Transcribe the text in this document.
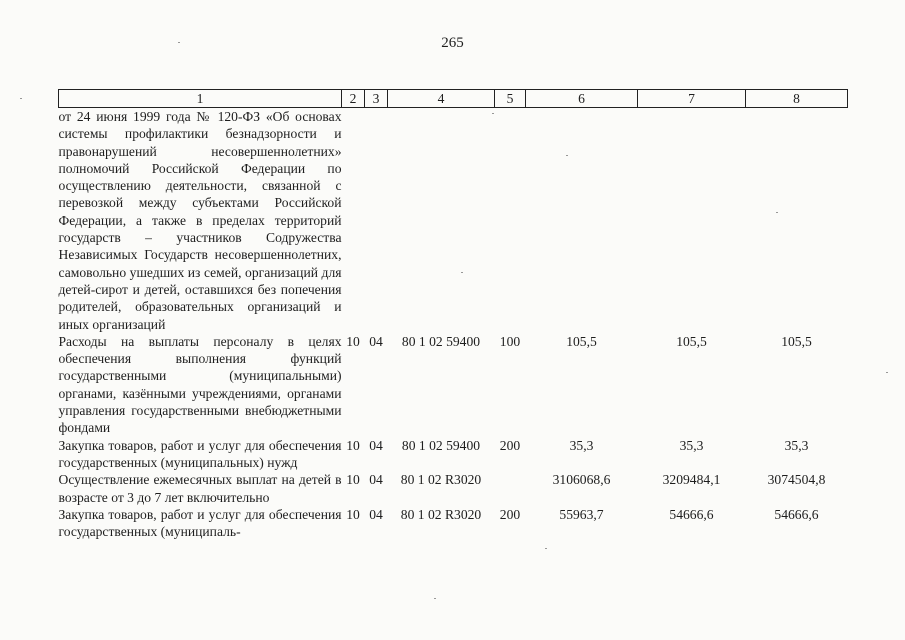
265
1	2	3	4	5	6	7	8
от 24 июня 1999 года № 120-ФЗ «Об основах системы профилактики безнадзорности и правонарушений несовершеннолетних» полномочий Российской Федерации по осуществлению деятельности, связанной с перевозкой между субъектами Российской Федерации, а также в пределах территорий государств – участников Содружества Независимых Государств несовершеннолетних, самовольно ушедших из семей, организаций для детей-сирот и детей, оставшихся без попечения родителей, образовательных организаций и иных организаций							
Расходы на выплаты персоналу в целях обеспечения выполнения функций государственными (муниципальными) органами, казёнными учреждениями, органами управления государственными внебюджетными фондами	10	04	80 1 02 59400	100	105,5	105,5	105,5
Закупка товаров, работ и услуг для обеспечения государственных (муниципальных) нужд	10	04	80 1 02 59400	200	35,3	35,3	35,3
Осуществление ежемесячных выплат на детей в возрасте от 3 до 7 лет включительно	10	04	80 1 02 R3020		3106068,6	3209484,1	3074504,8
Закупка товаров, работ и услуг для обеспечения государственных (муниципаль-	10	04	80 1 02 R3020	200	55963,7	54666,6	54666,6
